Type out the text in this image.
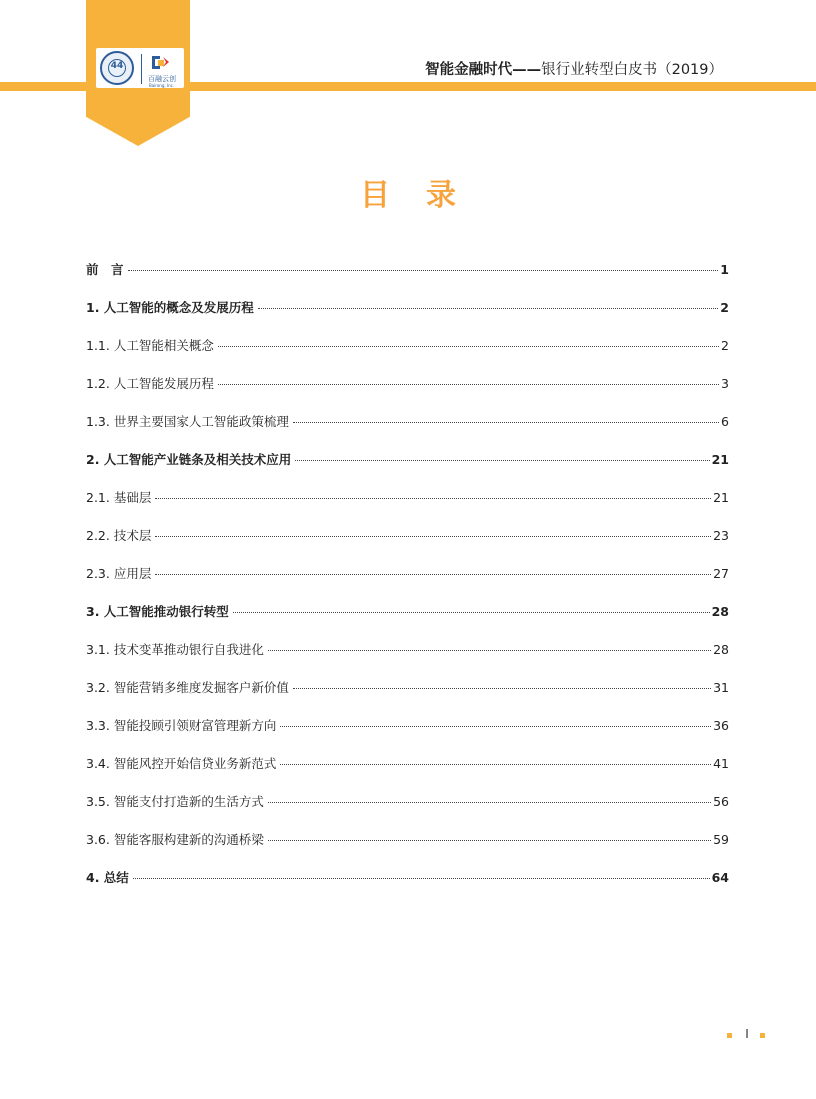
44
百融云创
Bairong, Inc.
智能金融时代——银行业转型白皮书（2019）
目录
前　言	1
1. 人工智能的概念及发展历程	2
1.1. 人工智能相关概念	2
1.2. 人工智能发展历程	3
1.3. 世界主要国家人工智能政策梳理	6
2. 人工智能产业链条及相关技术应用	21
2.1. 基础层	21
2.2. 技术层	23
2.3. 应用层	27
3. 人工智能推动银行转型	28
3.1. 技术变革推动银行自我进化	28
3.2. 智能营销多维度发掘客户新价值	31
3.3. 智能投顾引领财富管理新方向	36
3.4. 智能风控开始信贷业务新范式	41
3.5. 智能支付打造新的生活方式	56
3.6. 智能客服构建新的沟通桥梁	59
4. 总结	64
I
